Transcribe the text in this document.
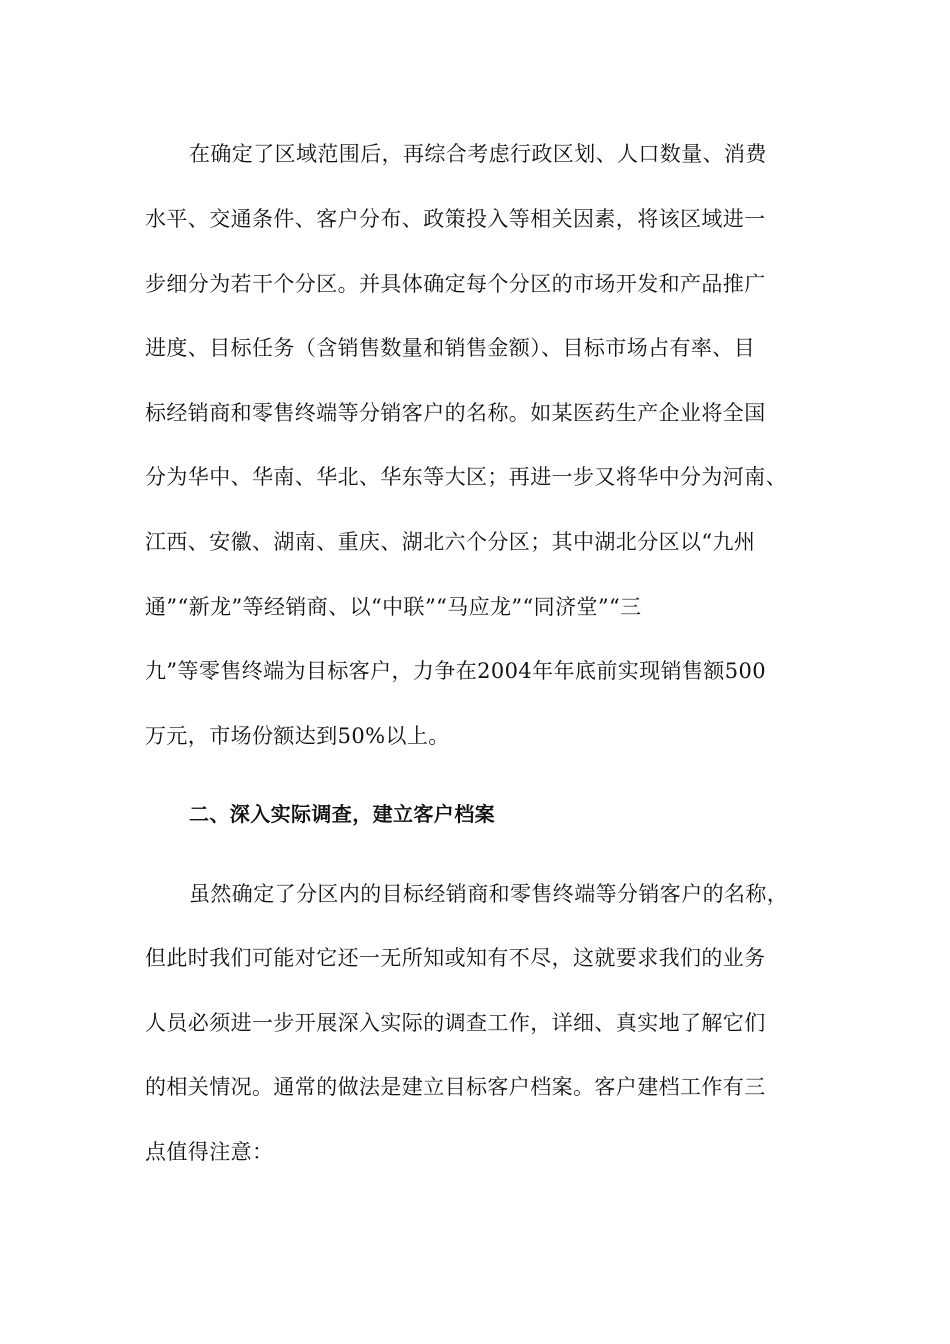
在确定了区域范围后，再综合考虑行政区划、人口数量、消费
水平、交通条件、客户分布、政策投入等相关因素，将该区域进一
步细分为若干个分区。并具体确定每个分区的市场开发和产品推广
进度、目标任务（含销售数量和销售金额）、目标市场占有率、目
标经销商和零售终端等分销客户的名称。如某医药生产企业将全国
分为华中、华南、华北、华东等大区；再进一步又将华中分为河南、
江西、安徽、湖南、重庆、湖北六个分区；其中湖北分区以“九州
通”“新龙”等经销商、以“中联”“马应龙”“同济堂”“三
九”等零售终端为目标客户，力争在2004年年底前实现销售额500
万元，市场份额达到50%以上。
二、深入实际调查，建立客户档案
虽然确定了分区内的目标经销商和零售终端等分销客户的名称，
但此时我们可能对它还一无所知或知有不尽，这就要求我们的业务
人员必须进一步开展深入实际的调查工作，详细、真实地了解它们
的相关情况。通常的做法是建立目标客户档案。客户建档工作有三
点值得注意：
